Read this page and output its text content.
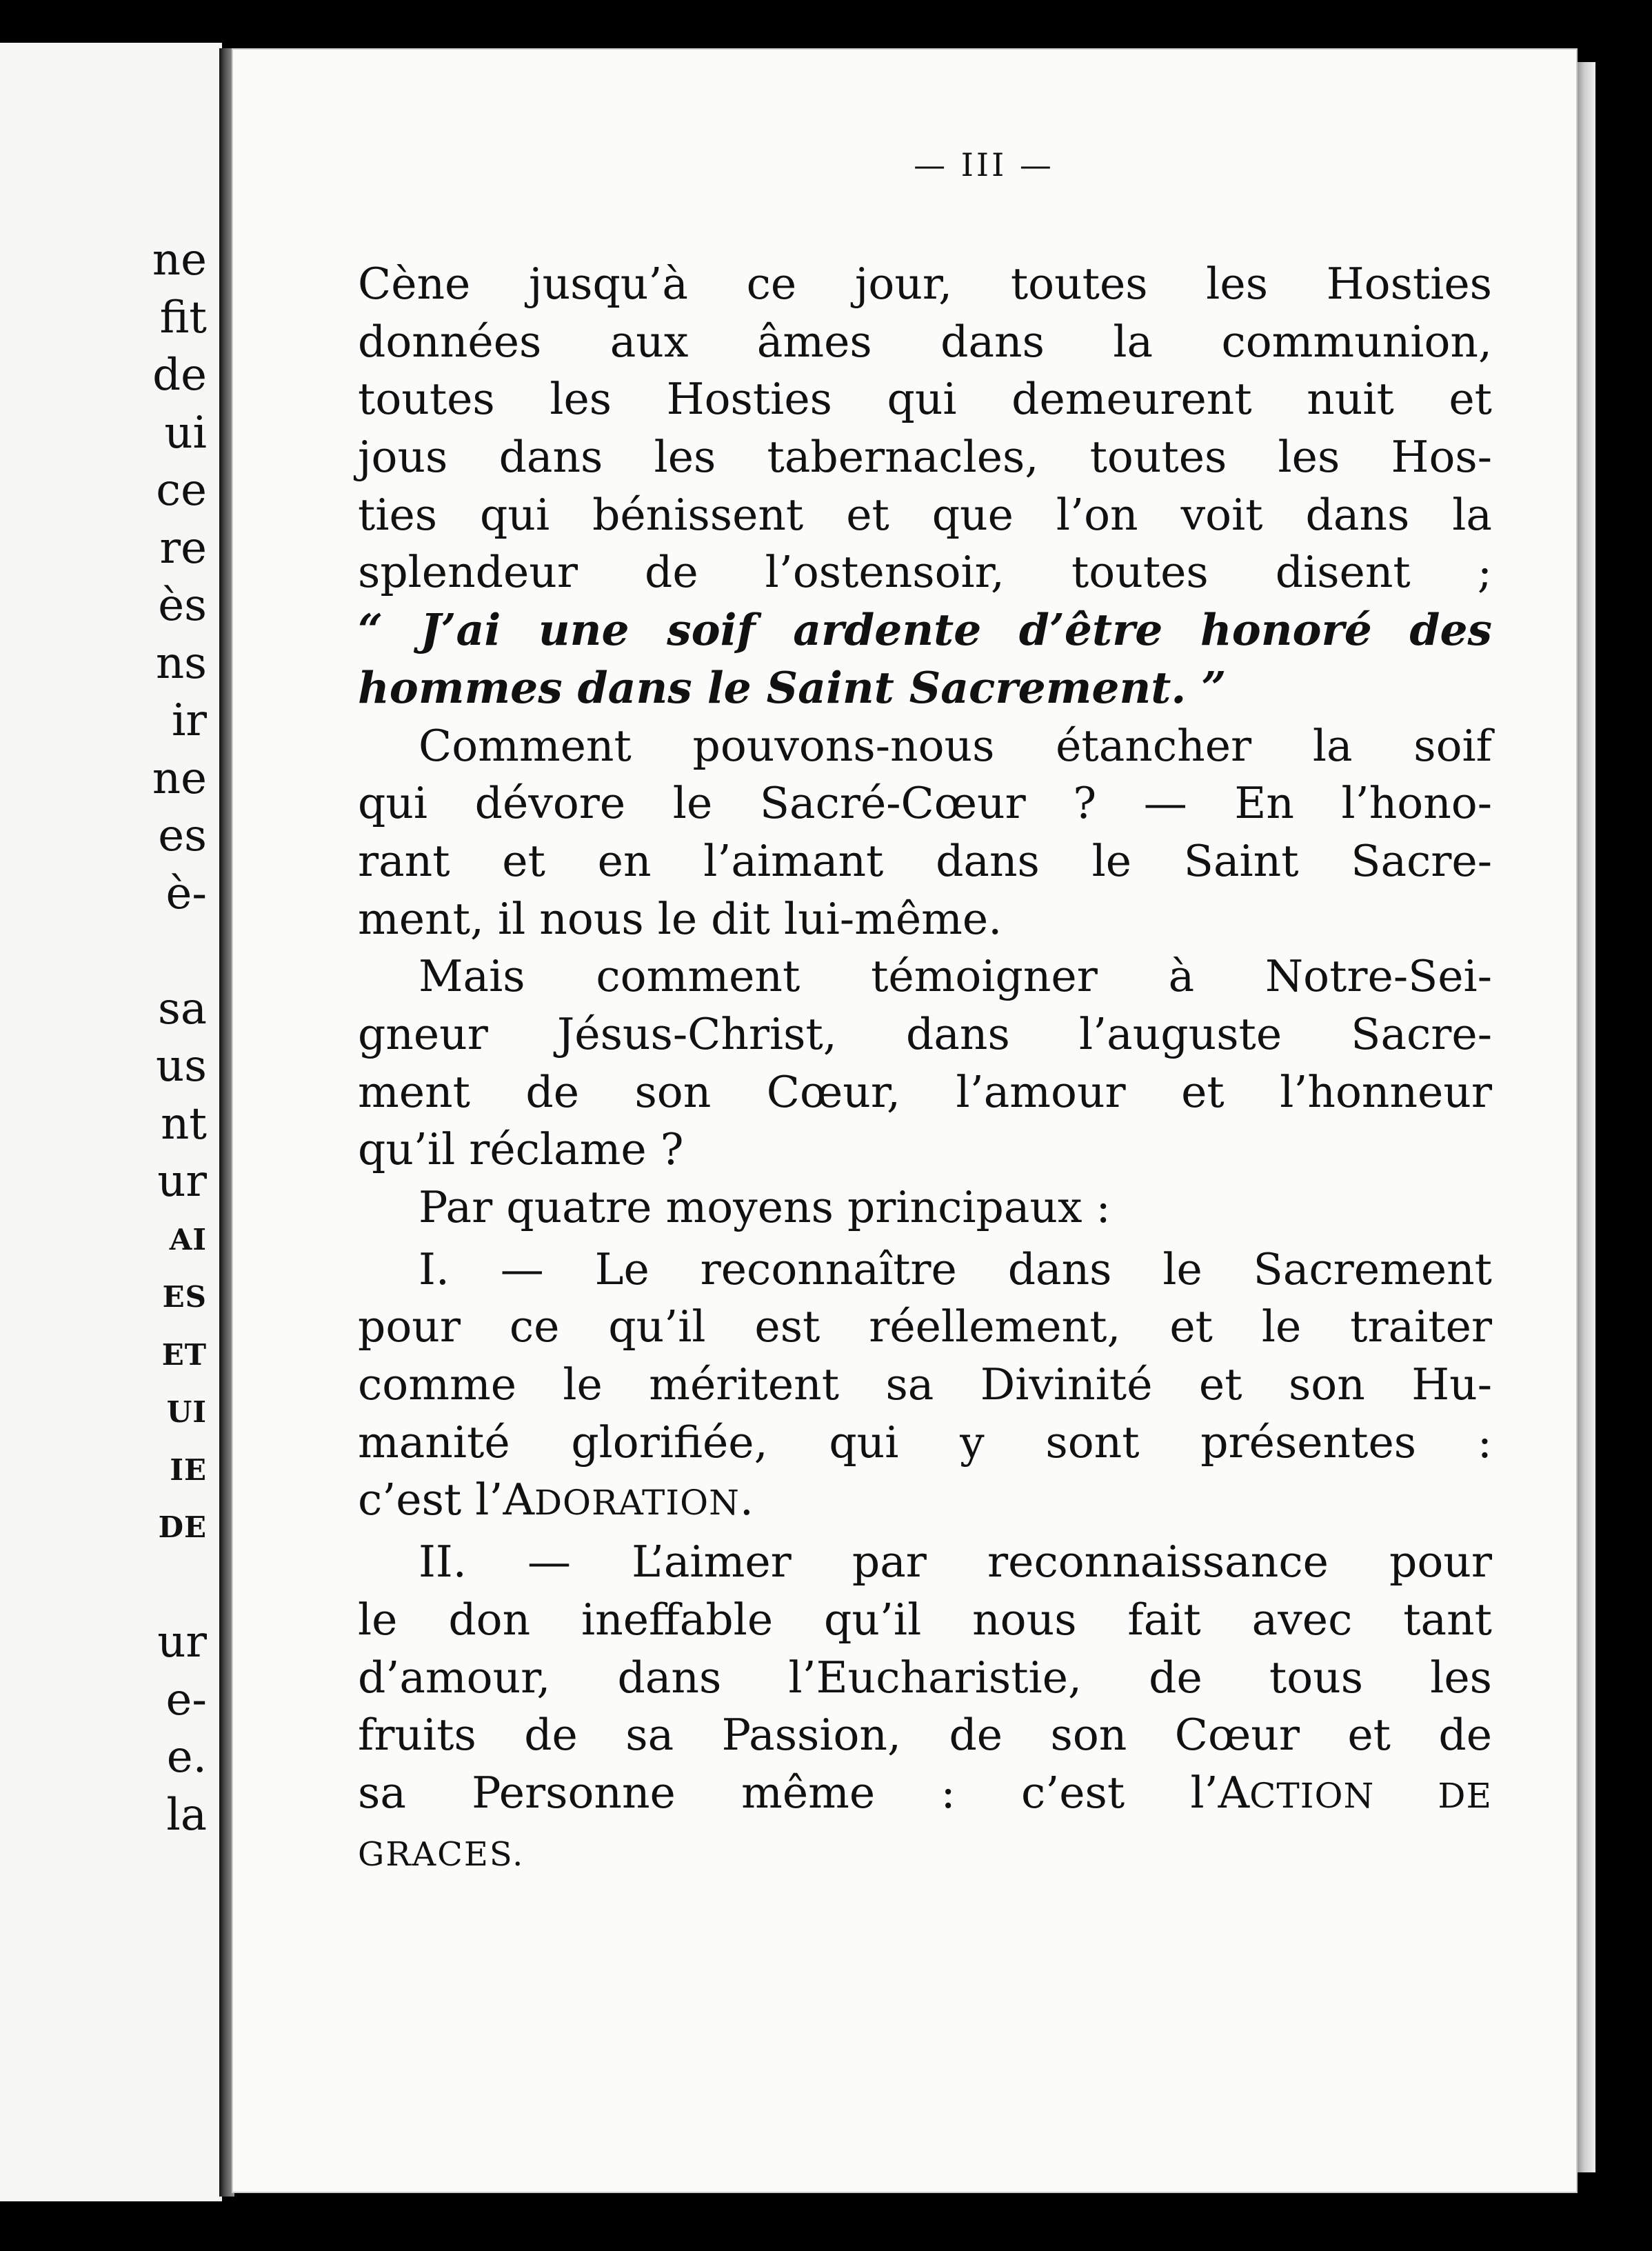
ne
fit
de
ui
ce
re
ès
ns
ir
ne
es
è-
sa
us
nt
ur
AI
ES
ET
UI
IE
DE
ur
e-
e.
la
— III —
Cène jusqu’à ce jour, toutes les Hosties
données aux âmes dans la communion,
toutes les Hosties qui demeurent nuit et
jous dans les tabernacles, toutes les Hos-
ties qui bénissent et que l’on voit dans la
splendeur de l’ostensoir, toutes disent ;
“ J’ai une soif ardente d’être honoré des
hommes dans le Saint Sacrement. ”
Comment pouvons-nous étancher la soif
qui dévore le Sacré-Cœur ? — En l’hono-
rant et en l’aimant dans le Saint Sacre-
ment, il nous le dit lui-même.
Mais comment témoigner à Notre-Sei-
gneur Jésus-Christ, dans l’auguste Sacre-
ment de son Cœur, l’amour et l’honneur
qu’il réclame ?
Par quatre moyens principaux :
I. — Le reconnaître dans le Sacrement
pour ce qu’il est réellement, et le traiter
comme le méritent sa Divinité et son Hu-
manité glorifiée, qui y sont présentes :
c’est l’ADORATION.
II. — L’aimer par reconnaissance pour
le don ineffable qu’il nous fait avec tant
d’amour, dans l’Eucharistie, de tous les
fruits de sa Passion, de son Cœur et de
sa Personne même : c’est l’ACTION DE
GRACES.
